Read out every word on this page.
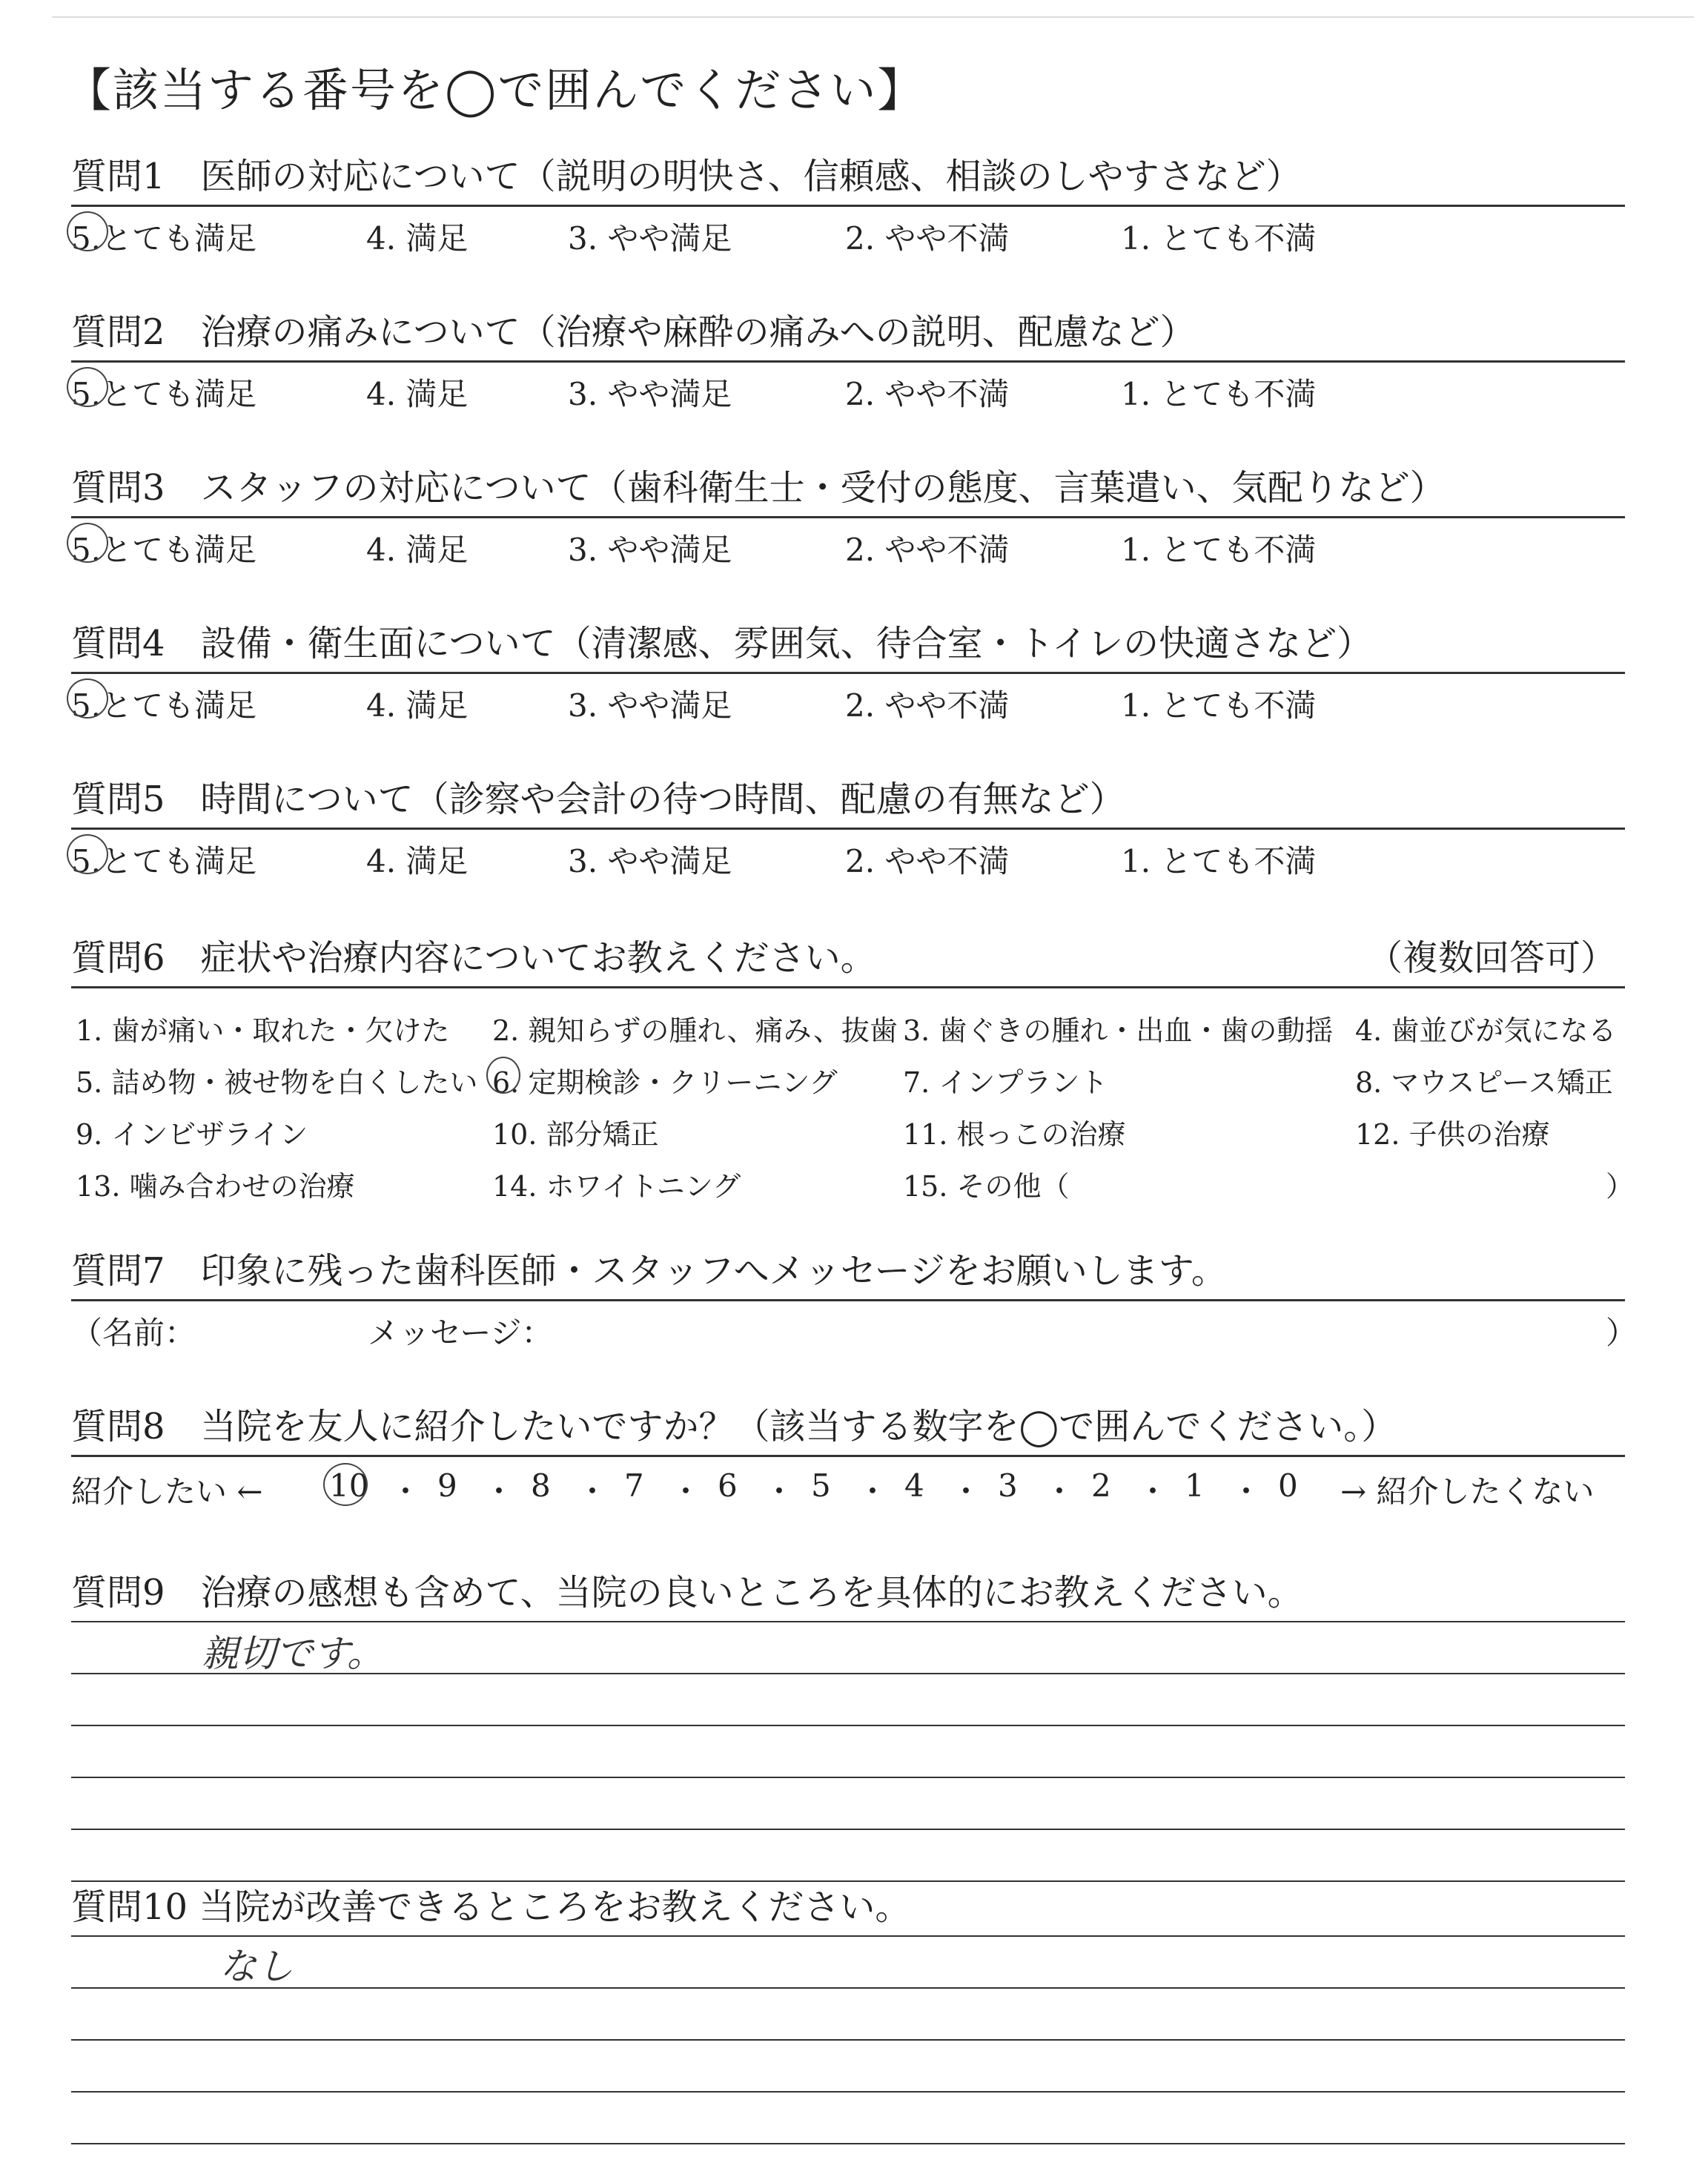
【該当する番号を◯で囲んでください】
質問1　医師の対応について（説明の明快さ、信頼感、相談のしやすさなど）
5.とても満足	4. 満足	3. やや満足	2. やや不満	1. とても不満
質問2　治療の痛みについて（治療や麻酔の痛みへの説明、配慮など）
5.とても満足	4. 満足	3. やや満足	2. やや不満	1. とても不満
質問3　スタッフの対応について（歯科衛生士・受付の態度、言葉遣い、気配りなど）
5.とても満足	4. 満足	3. やや満足	2. やや不満	1. とても不満
質問4　設備・衛生面について（清潔感、雰囲気、待合室・トイレの快適さなど）
5.とても満足	4. 満足	3. やや満足	2. やや不満	1. とても不満
質問5　時間について（診察や会計の待つ時間、配慮の有無など）
5.とても満足	4. 満足	3. やや満足	2. やや不満	1. とても不満
質問6　症状や治療内容についてお教えください。	（複数回答可）
1. 歯が痛い・取れた・欠けた 2. 親知らずの腫れ、痛み、抜歯 3. 歯ぐきの腫れ・出血・歯の動揺 4. 歯並びが気になる
5. 詰め物・被せ物を白くしたい 6. 定期検診・クリーニング 7. インプラント	8. マウスピース矯正
9. インビザライン	10. 部分矯正	11. 根っこの治療	12. 子供の治療
13. 噛み合わせの治療	14. ホワイトニング	15. その他（	）
質問7　印象に残った歯科医師・スタッフへメッセージをお願いします。
（名前：	メッセージ：	）
質問8　当院を友人に紹介したいですか？（該当する数字を◯で囲んでください。）
紹介したい ← 10 ・ 9 ・ 8 ・ 7 ・ 6 ・ 5 ・ 4 ・ 3 ・ 2 ・ 1 ・ 0 → 紹介したくない
質問9　治療の感想も含めて、当院の良いところを具体的にお教えください。
親切です。
質問10 当院が改善できるところをお教えください。
なし
